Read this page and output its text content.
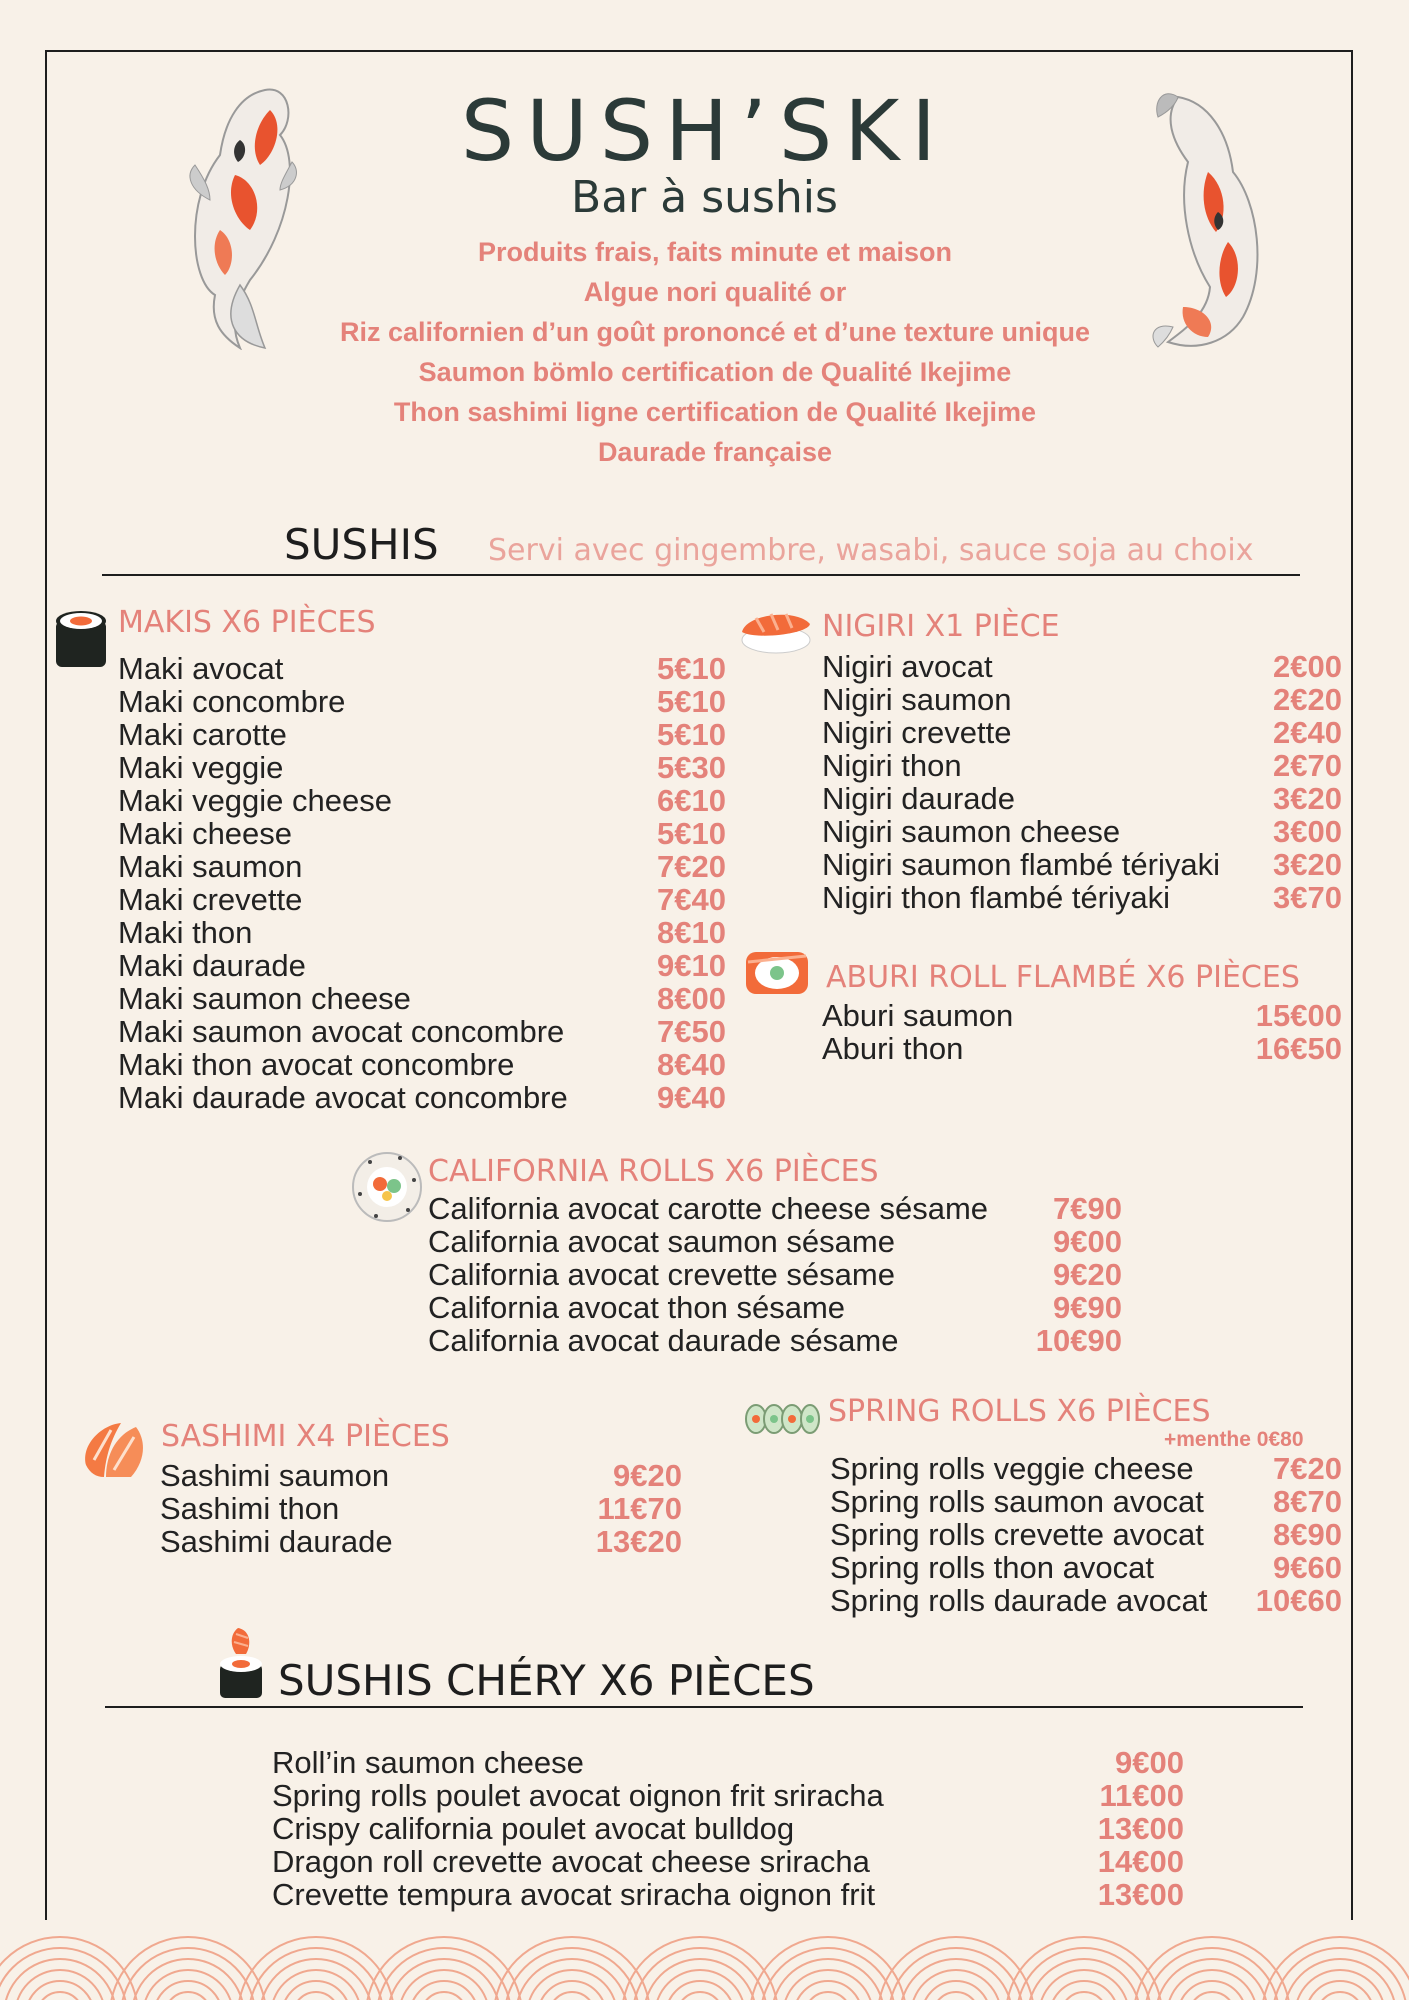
SUSH’SKI
Bar à sushis
Produits frais, faits minute et maison
Algue nori qualité or
Riz californien d’un goût prononcé et d’une texture unique
Saumon bömlo certification de Qualité Ikejime
Thon sashimi ligne certification de Qualité Ikejime
Daurade française
SUSHIS Servi avec gingembre, wasabi, sauce soja au choix
MAKIS X6 PIÈCES
Maki avocat	5€10
Maki concombre	5€10
Maki carotte	5€10
Maki veggie	5€30
Maki veggie cheese	6€10
Maki cheese	5€10
Maki saumon	7€20
Maki crevette	7€40
Maki thon	8€10
Maki daurade	9€10
Maki saumon cheese	8€00
Maki saumon avocat concombre	7€50
Maki thon avocat concombre	8€40
Maki daurade avocat concombre	9€40
NIGIRI X1 PIÈCE
Nigiri avocat	2€00
Nigiri saumon	2€20
Nigiri crevette	2€40
Nigiri thon	2€70
Nigiri daurade	3€20
Nigiri saumon cheese	3€00
Nigiri saumon flambé tériyaki 3€20
Nigiri thon flambé tériyaki	3€70
ABURI ROLL FLAMBÉ X6 PIÈCES
Aburi saumon	15€00
Aburi thon	16€50
CALIFORNIA ROLLS X6 PIÈCES
California avocat carotte cheese sésame 7€90
California avocat saumon sésame	9€00
California avocat crevette sésame	9€20
California avocat thon sésame	9€90
California avocat daurade sésame	10€90
SASHIMI X4 PIÈCES
Sashimi saumon	9€20
Sashimi thon	11€70
Sashimi daurade	13€20
SPRING ROLLS X6 PIÈCES
+menthe 0€80
Spring rolls veggie cheese	7€20
Spring rolls saumon avocat 8€70
Spring rolls crevette avocat 8€90
Spring rolls thon avocat	9€60
Spring rolls daurade avocat 10€60
SUSHIS CHÉRY X6 PIÈCES
Roll’in saumon cheese	9€00
Spring rolls poulet avocat oignon frit sriracha	11€00
Crispy california poulet avocat bulldog	13€00
Dragon roll crevette avocat cheese sriracha	14€00
Crevette tempura avocat sriracha oignon frit	13€00
